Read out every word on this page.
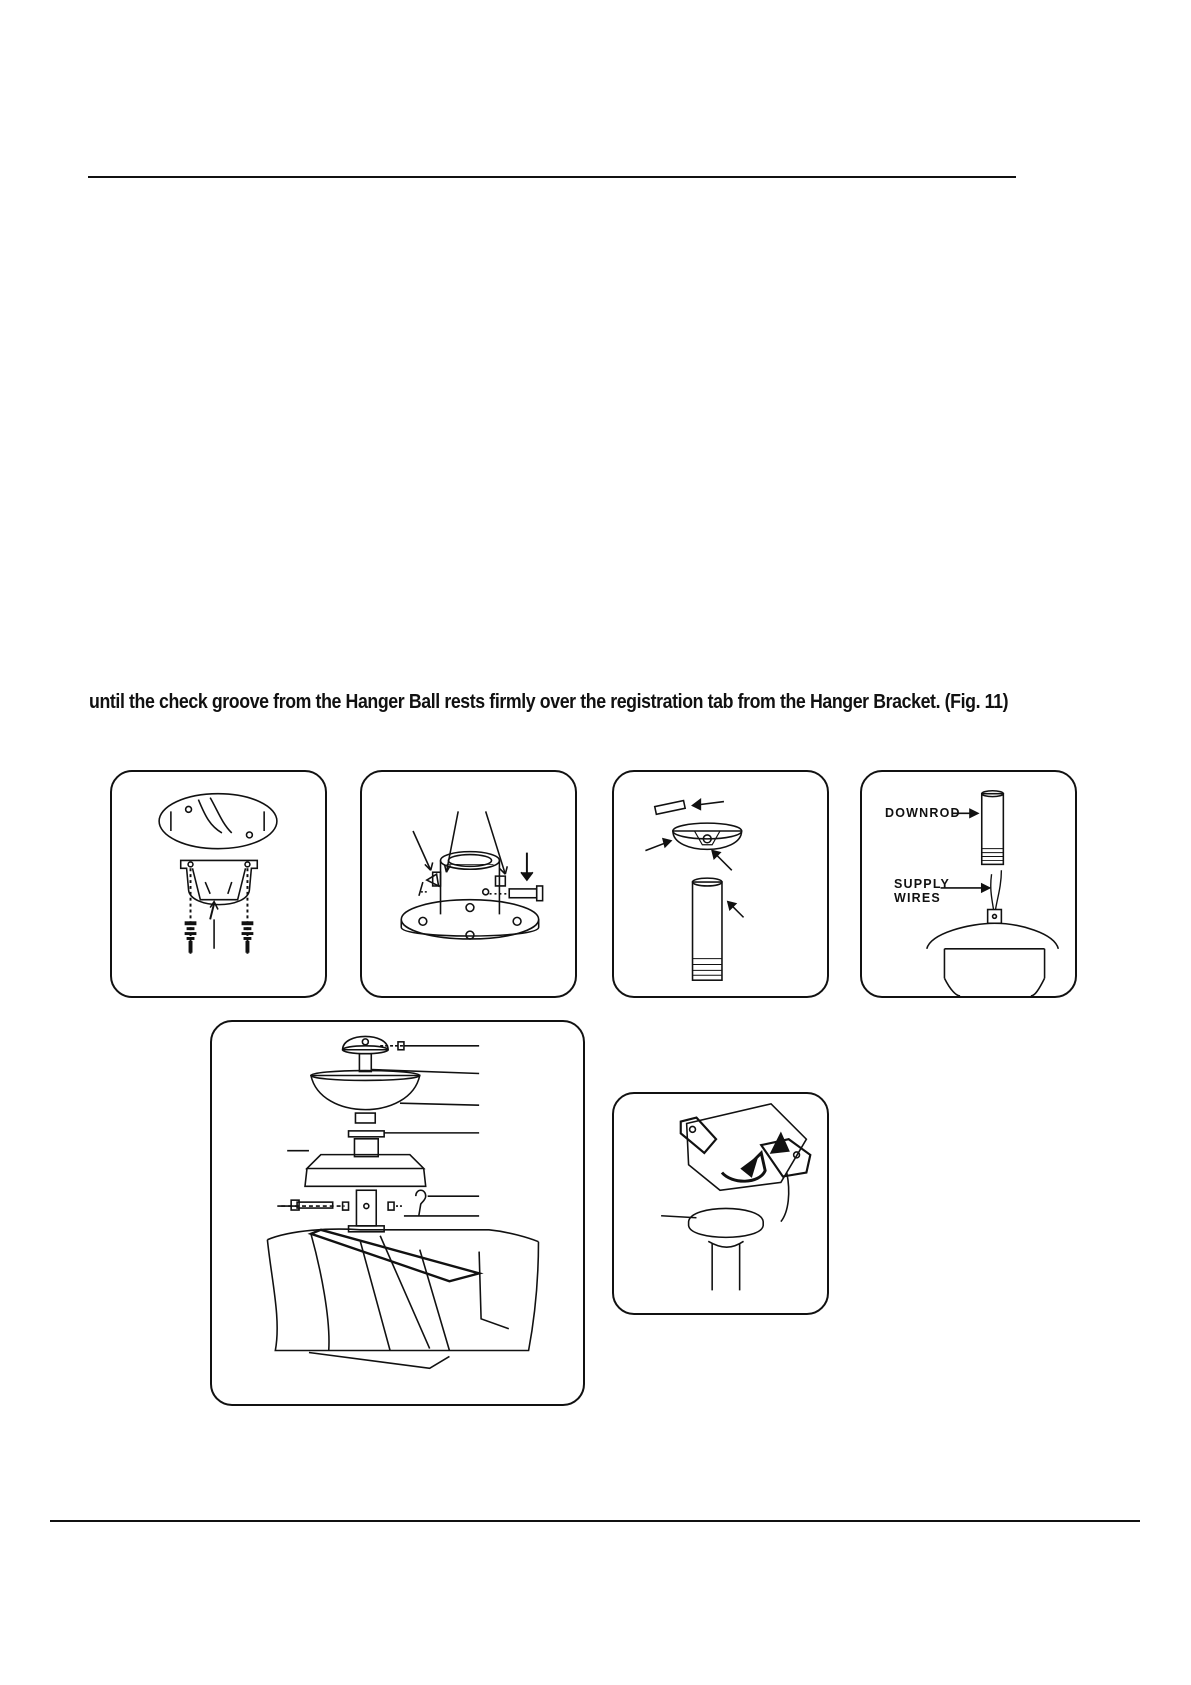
until the check groove from the Hanger Ball rests firmly over the registration tab from the Hanger Bracket. (Fig. 11)

DOWNROD
SUPPLY
WIRES
